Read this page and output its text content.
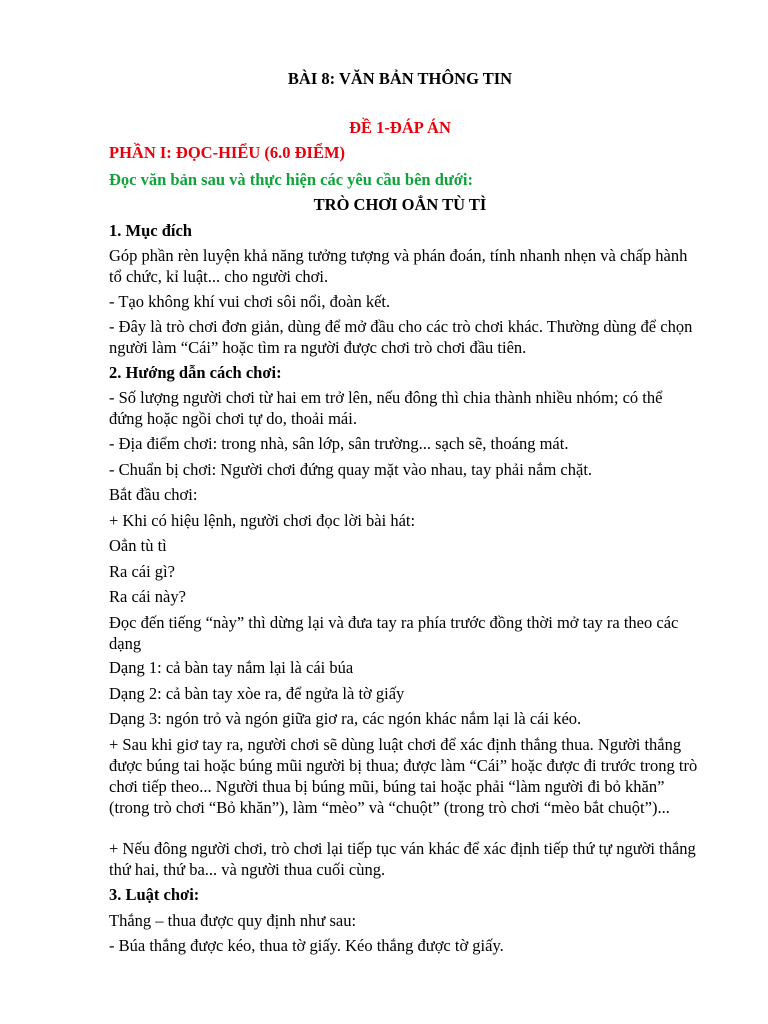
BÀI 8: VĂN BẢN THÔNG TIN

ĐỀ 1-ĐÁP ÁN

PHẦN I: ĐỌC-HIỂU (6.0 ĐIỂM)

Đọc văn bản sau và thực hiện các yêu cầu bên dưới:

TRÒ CHƠI OẲN TÙ TÌ

1. Mục đích

Góp phần rèn luyện khả năng tưởng tượng và phán đoán, tính nhanh nhẹn và chấp hành tổ chức, kỉ luật... cho người chơi.

- Tạo không khí vui chơi sôi nổi, đoàn kết.

- Đây là trò chơi đơn giản, dùng để mở đầu cho các trò chơi khác. Thường dùng để chọn người làm “Cái” hoặc tìm ra người được chơi trò chơi đầu tiên.

2. Hướng dẫn cách chơi:

- Số lượng người chơi từ hai em trở lên, nếu đông thì chia thành nhiều nhóm; có thể đứng hoặc ngồi chơi tự do, thoải mái.

- Địa điểm chơi: trong nhà, sân lớp, sân trường... sạch sẽ, thoáng mát.

- Chuẩn bị chơi: Người chơi đứng quay mặt vào nhau, tay phải nắm chặt.

Bắt đầu chơi:

+ Khi có hiệu lệnh, người chơi đọc lời bài hát:

Oẳn tù tì

Ra cái gì?

Ra cái này?

Đọc đến tiếng “này” thì dừng lại và đưa tay ra phía trước đồng thời mở tay ra theo các dạng

Dạng 1: cả bàn tay nắm lại là cái búa

Dạng 2: cả bàn tay xòe ra, để ngửa là tờ giấy

Dạng 3: ngón trỏ và ngón giữa giơ ra, các ngón khác nắm lại là cái kéo.

+ Sau khi giơ tay ra, người chơi sẽ dùng luật chơi để xác định thắng thua. Người thắng được búng tai hoặc búng mũi người bị thua; được làm “Cái” hoặc được đi trước trong trò chơi tiếp theo... Người thua bị búng mũi, búng tai hoặc phải “làm người đi bỏ khăn” (trong trò chơi “Bỏ khăn”), làm “mèo” và “chuột” (trong trò chơi “mèo bắt chuột”)...

+ Nếu đông người chơi, trò chơi lại tiếp tục ván khác để xác định tiếp thứ tự người thắng thứ hai, thứ ba... và người thua cuối cùng.

3. Luật chơi:

Thắng – thua được quy định như sau:

- Búa thắng được kéo, thua tờ giấy. Kéo thắng được tờ giấy.
